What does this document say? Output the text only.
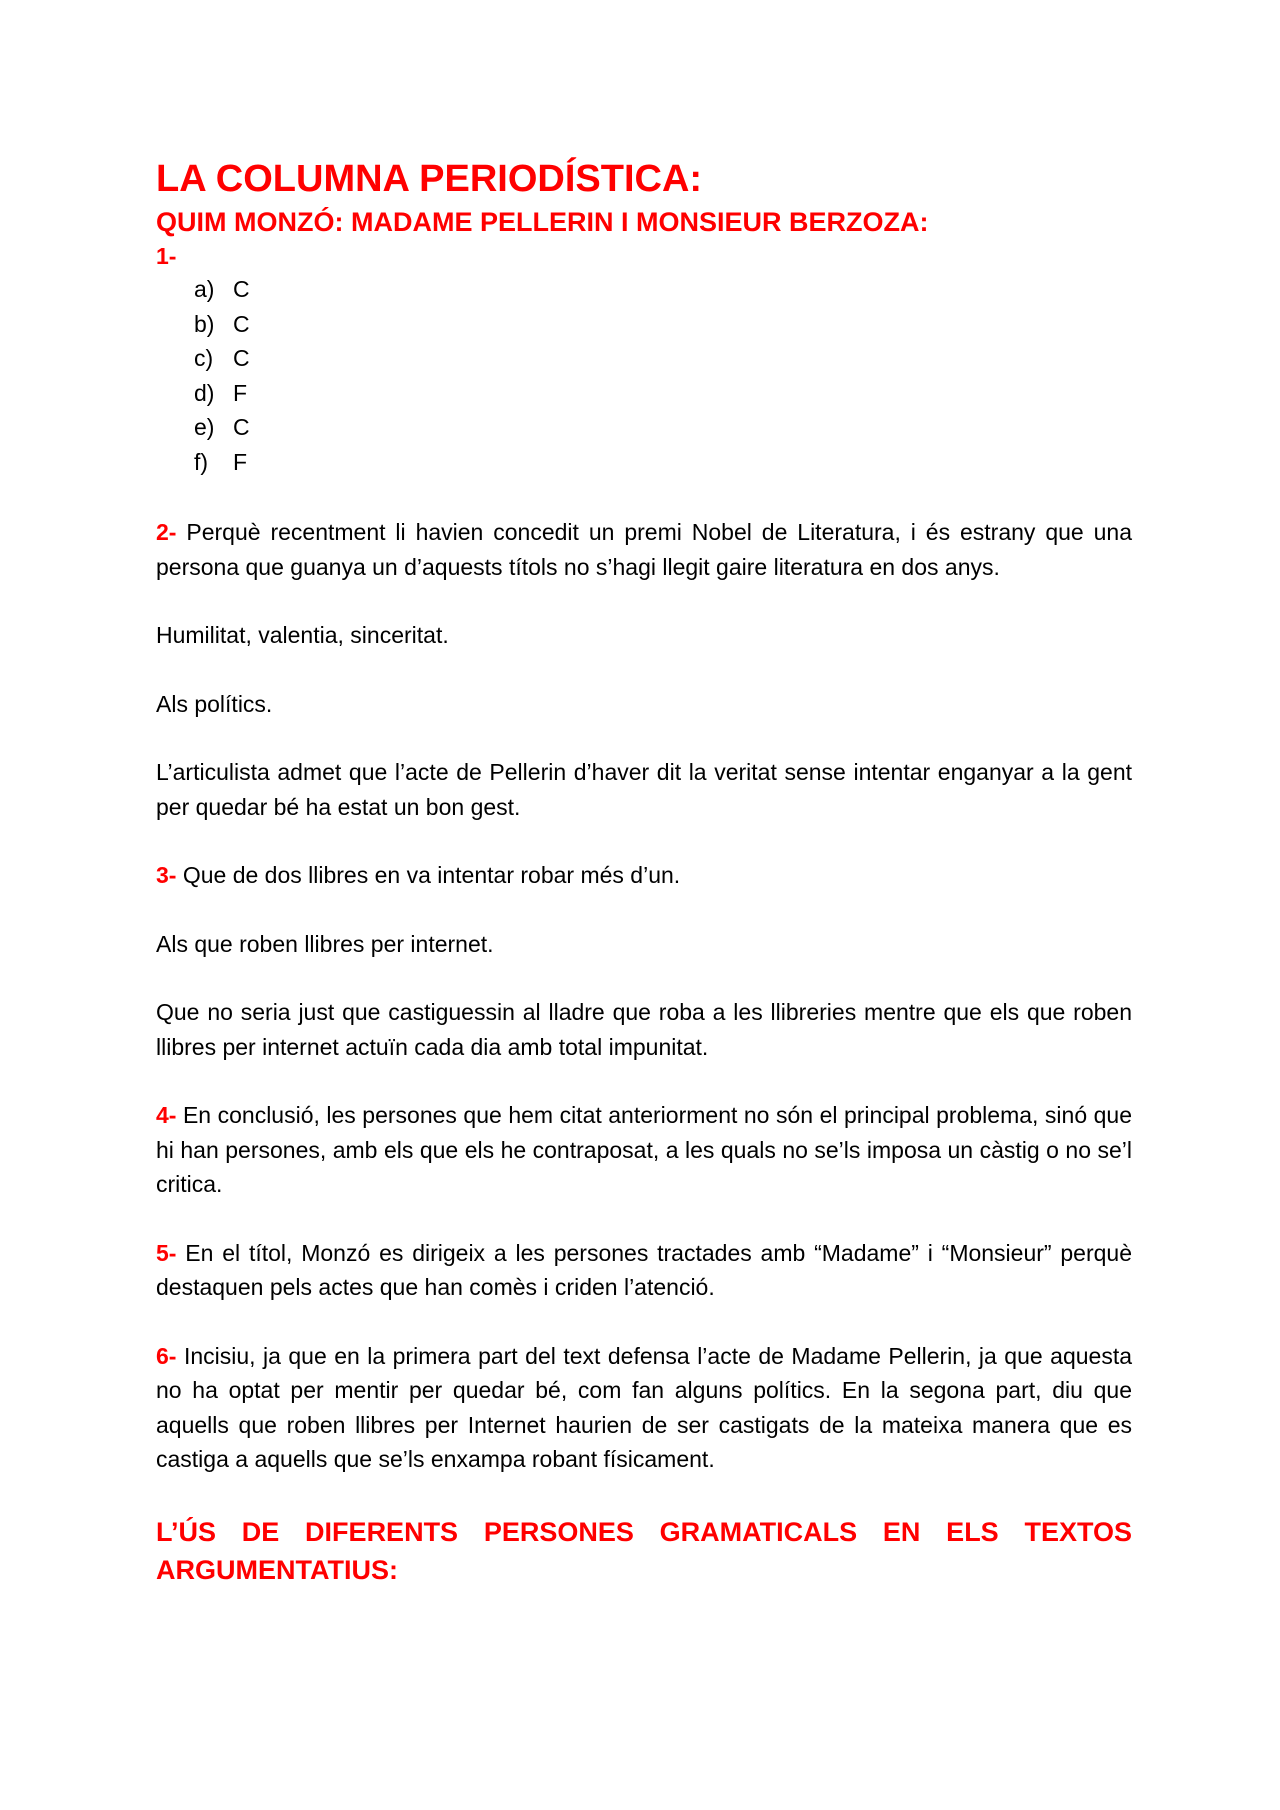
LA COLUMNA PERIODÍSTICA:
QUIM MONZÓ: MADAME PELLERIN I MONSIEUR BERZOZA:
1-
a) C
b) C
c) C
d) F
e) C
f)	F

2- Perquè recentment li havien concedit un premi Nobel de Literatura, i és estrany que una persona que guanya un d’aquests títols no s’hagi llegit gaire literatura en dos anys.

Humilitat, valentia, sinceritat.

Als polítics.

L’articulista admet que l’acte de Pellerin d’haver dit la veritat sense intentar enganyar a la gent per quedar bé ha estat un bon gest.

3- Que de dos llibres en va intentar robar més d’un.

Als que roben llibres per internet.

Que no seria just que castiguessin al lladre que roba a les llibreries mentre que els que roben llibres per internet actuïn cada dia amb total impunitat.

4- En conclusió, les persones que hem citat anteriorment no són el principal problema, sinó que hi han persones, amb els que els he contraposat, a les quals no se’ls imposa un càstig o no se’l critica.

5- En el títol, Monzó es dirigeix a les persones tractades amb “Madame” i “Monsieur” perquè destaquen pels actes que han comès i criden l’atenció.

6- Incisiu, ja que en la primera part del text defensa l’acte de Madame Pellerin, ja que aquesta no ha optat per mentir per quedar bé, com fan alguns polítics. En la segona part, diu que aquells que roben llibres per Internet haurien de ser castigats de la mateixa manera que es castiga a aquells que se’ls enxampa robant físicament.

L’ÚS DE DIFERENTS PERSONES GRAMATICALS EN ELS TEXTOS ARGUMENTATIUS:
